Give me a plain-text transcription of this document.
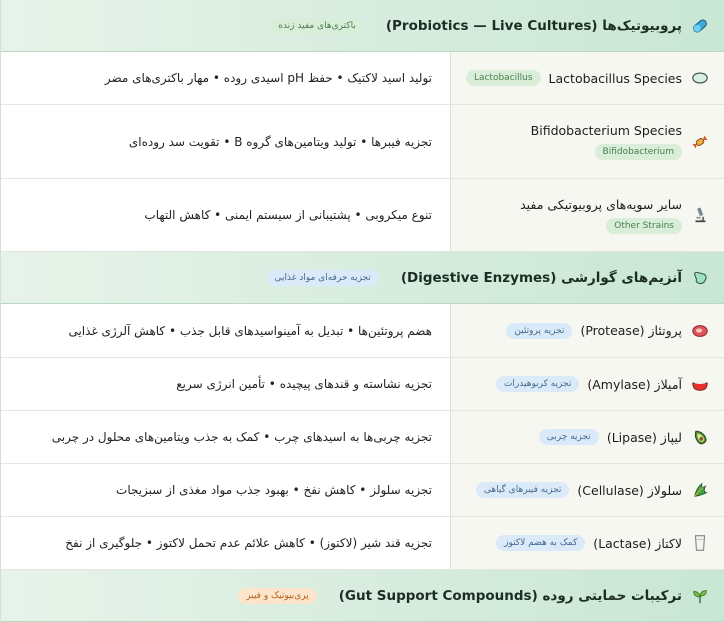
پروبیوتیک‌ها (Probiotics — Live Cultures)
باکتری‌های مفید زنده
Lactobacillus Species
Lactobacillus
تولید اسید لاکتیک • حفظ pH اسیدی روده • مهار باکتری‌های مضر
Bifidobacterium Species
Bifidobacterium
تجزیه فیبرها • تولید ویتامین‌های گروه B • تقویت سد روده‌ای
سایر سویه‌های پروبیوتیکی مفید
Other Strains
تنوع میکروبی • پشتیبانی از سیستم ایمنی • کاهش التهاب
آنزیم‌های گوارشی (Digestive Enzymes)
تجزیه حرفه‌ای مواد غذایی
پروتئاز (Protease)
تجزیه پروتئین
هضم پروتئین‌ها • تبدیل به آمینواسیدهای قابل جذب • کاهش آلرژی غذایی
آمیلاز (Amylase)
تجزیه کربوهیدرات
تجزیه نشاسته و قندهای پیچیده • تأمین انرژی سریع
لیپاز (Lipase)
تجزیه چربی
تجزیه چربی‌ها به اسیدهای چرب • کمک به جذب ویتامین‌های محلول در چربی
سلولاز (Cellulase)
تجزیه فیبرهای گیاهی
تجزیه سلولز • کاهش نفخ • بهبود جذب مواد مغذی از سبزیجات
لاکتاز (Lactase)
کمک به هضم لاکتوز
تجزیه قند شیر (لاکتوز) • کاهش علائم عدم تحمل لاکتوز • جلوگیری از نفخ
ترکیبات حمایتی روده (Gut Support Compounds)
پری‌بیوتیک و فیبر
